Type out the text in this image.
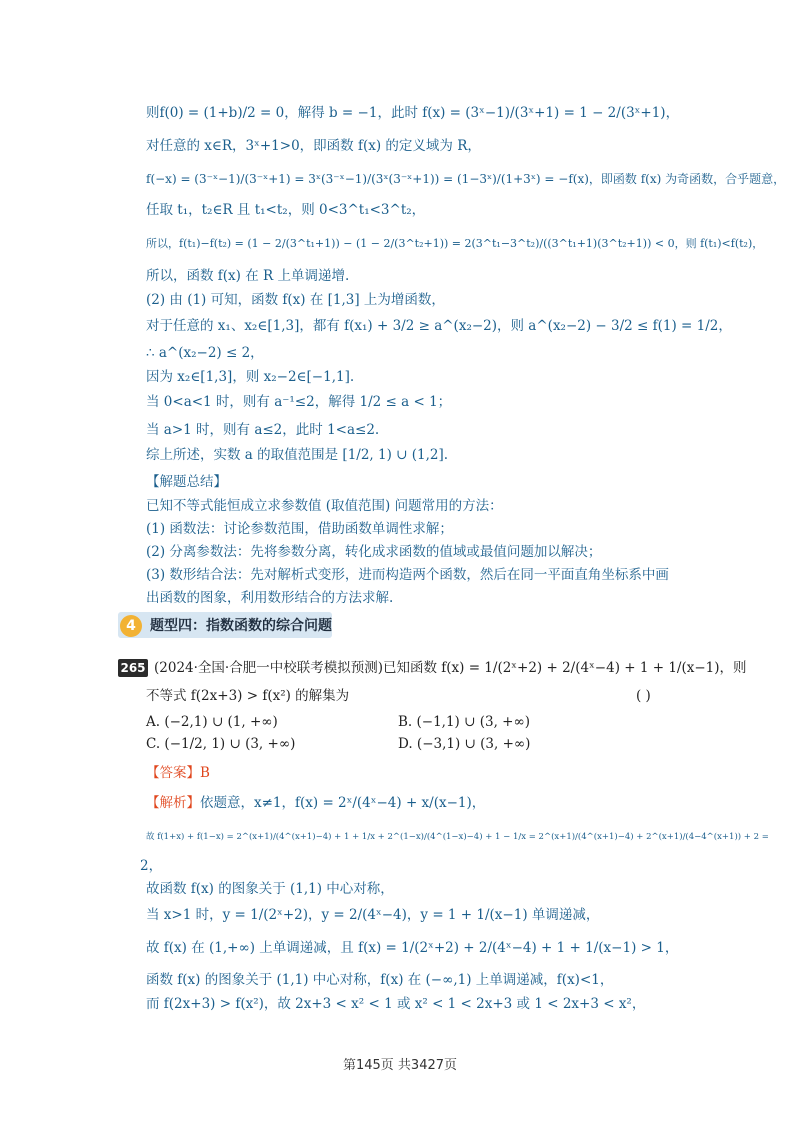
则f(0) = (1+b)/2 = 0，解得 b = −1，此时 f(x) = (3ˣ−1)/(3ˣ+1) = 1 − 2/(3ˣ+1)，
对任意的 x∈R，3ˣ+1>0，即函数 f(x) 的定义域为 R，
f(−x) = (3⁻ˣ−1)/(3⁻ˣ+1) = 3ˣ(3⁻ˣ−1)/(3ˣ(3⁻ˣ+1)) = (1−3ˣ)/(1+3ˣ) = −f(x)，即函数 f(x) 为奇函数，合乎题意，
任取 t₁，t₂∈R 且 t₁<t₂，则 0<3^t₁<3^t₂，
所以，f(t₁)−f(t₂) = (1 − 2/(3^t₁+1)) − (1 − 2/(3^t₂+1)) = 2(3^t₁−3^t₂)/((3^t₁+1)(3^t₂+1)) < 0，则 f(t₁)<f(t₂)，
所以，函数 f(x) 在 R 上单调递增.
(2) 由 (1) 可知，函数 f(x) 在 [1,3] 上为增函数，
对于任意的 x₁、x₂∈[1,3]，都有 f(x₁) + 3/2 ≥ a^(x₂−2)，则 a^(x₂−2) − 3/2 ≤ f(1) = 1/2，
∴ a^(x₂−2) ≤ 2，
因为 x₂∈[1,3]，则 x₂−2∈[−1,1].
当 0<a<1 时，则有 a⁻¹≤2，解得 1/2 ≤ a < 1；
当 a>1 时，则有 a≤2，此时 1<a≤2.
综上所述，实数 a 的取值范围是 [1/2, 1) ∪ (1,2].
【解题总结】
已知不等式能恒成立求参数值 (取值范围) 问题常用的方法：
(1) 函数法：讨论参数范围，借助函数单调性求解；
(2) 分离参数法：先将参数分离，转化成求函数的值域或最值问题加以解决；
(3) 数形结合法：先对解析式变形，进而构造两个函数，然后在同一平面直角坐标系中画
出函数的图象，利用数形结合的方法求解.
4	题型四：指数函数的综合问题
265 (2024·全国·合肥一中校联考模拟预测)已知函数 f(x) = 1/(2ˣ+2) + 2/(4ˣ−4) + 1 + 1/(x−1)，则
不等式 f(2x+3) > f(x²) 的解集为	( )
A. (−2,1) ∪ (1, +∞)	B. (−1,1) ∪ (3, +∞)
C. (−1/2, 1) ∪ (3, +∞)	D. (−3,1) ∪ (3, +∞)
【答案】B
【解析】依题意，x≠1，f(x) = 2ˣ/(4ˣ−4) + x/(x−1)，
故 f(1+x) + f(1−x) = 2^(x+1)/(4^(x+1)−4) + 1 + 1/x + 2^(1−x)/(4^(1−x)−4) + 1 − 1/x = 2^(x+1)/(4^(x+1)−4) + 2^(x+1)/(4−4^(x+1)) + 2 =
2，
故函数 f(x) 的图象关于 (1,1) 中心对称，
当 x>1 时，y = 1/(2ˣ+2)，y = 2/(4ˣ−4)，y = 1 + 1/(x−1) 单调递减，
故 f(x) 在 (1,+∞) 上单调递减，且 f(x) = 1/(2ˣ+2) + 2/(4ˣ−4) + 1 + 1/(x−1) > 1，
函数 f(x) 的图象关于 (1,1) 中心对称，f(x) 在 (−∞,1) 上单调递减，f(x)<1，
而 f(2x+3) > f(x²)，故 2x+3 < x² < 1 或 x² < 1 < 2x+3 或 1 < 2x+3 < x²，
第145页 共3427页
